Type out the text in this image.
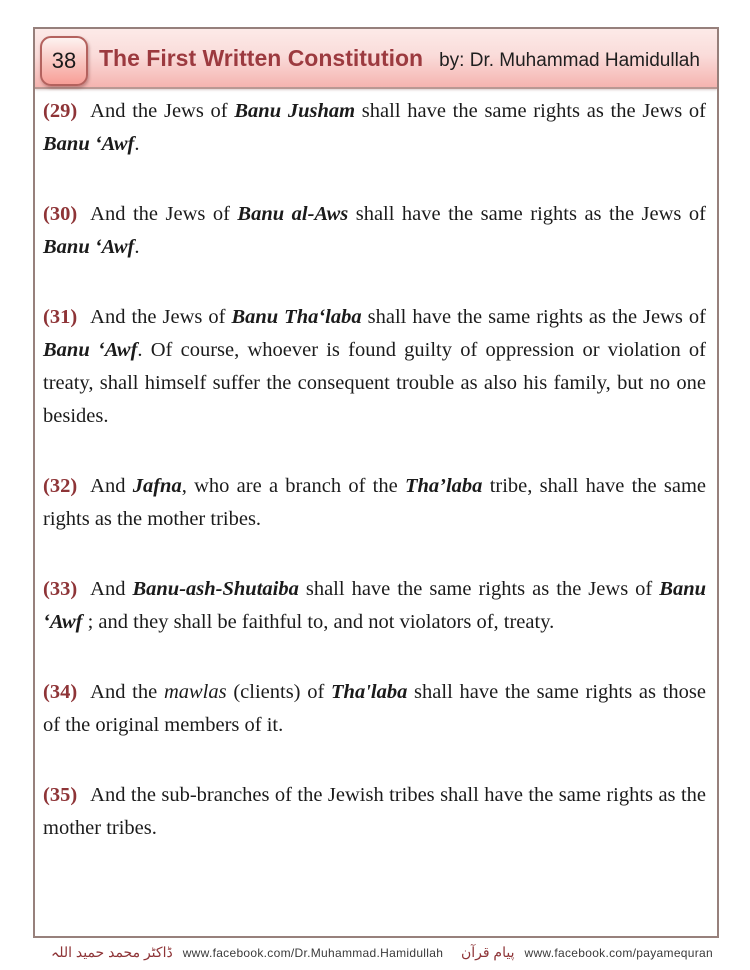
38 The First Written Constitution by: Dr. Muhammad Hamidullah

(29) And the Jews of Banu Jusham shall have the same rights as the Jews of Banu ‘Awf.

(30) And the Jews of Banu al-Aws shall have the same rights as the Jews of Banu ‘Awf.

(31) And the Jews of Banu Tha‘laba shall have the same rights as the Jews of Banu ‘Awf. Of course, whoever is found guilty of oppression or violation of treaty, shall himself suffer the consequent trouble as also his family, but no one besides.

(32) And Jafna, who are a branch of the Tha’laba tribe, shall have the same rights as the mother tribes.

(33) And Banu-ash-Shutaiba shall have the same rights as the Jews of Banu ‘Awf ; and they shall be faithful to, and not violators of, treaty.

(34) And the mawlas (clients) of Tha'laba shall have the same rights as those of the original members of it.

(35) And the sub-branches of the Jewish tribes shall have the same rights as the mother tribes.

ڈاکٹر محمد حمید اللہ www.facebook.com/Dr.Muhammad.Hamidullah پیام قرآن www.facebook.com/payamequran
